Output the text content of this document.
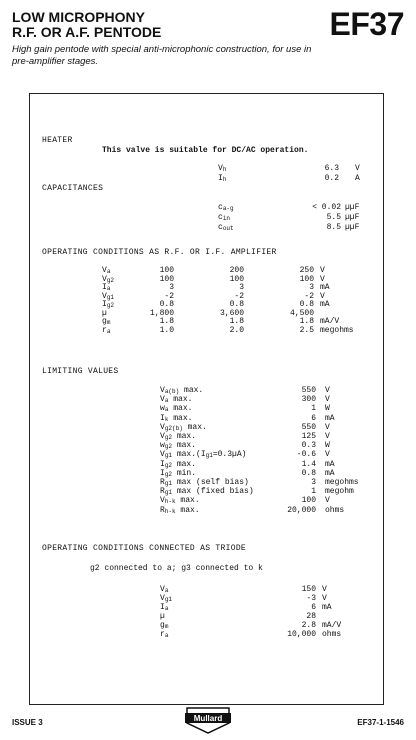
LOW MICROPHONY
R.F. OR A.F. PENTODE	EF37
High gain pentode with special anti-microphonic construction, for use in pre-amplifier stages.
HEATER
This valve is suitable for DC/AC operation.
Vh	6.3 V
Ih	0.2 A
CAPACITANCES
ca-g	< 0.02 µµF
cin	5.5 µµF
cout	8.5 µµF
OPERATING CONDITIONS AS R.F. OR I.F. AMPLIFIER
Va	100	200	250 V
Vg2	100	100	100 V
Ia	3	3	3 mA
Vg1	-2	-2	-2 V
Ig2	0.8	0.8	0.8 mA
µ	1,800	3,600	4,500
gm	1.8	1.8	1.8 mA/V
ra	1.0	2.0	2.5 megohms
LIMITING VALUES
Va(b) max.	550 V
Va max.	300 V
wa max.	1 W
Ik max.	6 mA
Vg2(b) max.	550 V
Vg2 max.	125 V
wg2 max.	0.3 W
Vg1 max.(Ig1=0.3µA)	-0.6 V
Ig2 max.	1.4 mA
Ig2 min.	0.8 mA
Rg1 max (self bias)	3 megohms
Rg1 max (fixed bias)	1 megohm
Vh-k max.	100 V
Rh-k max.	20,000 ohms
OPERATING CONDITIONS CONNECTED AS TRIODE
g2 connected to a; g3 connected to k
Va	150 V
Vg1	-3 V
Ia	6 mA
µ	28
gm	2.8 mA/V
ra	10,000 ohms
ISSUE 3	EF37-1-1546
Mullard
